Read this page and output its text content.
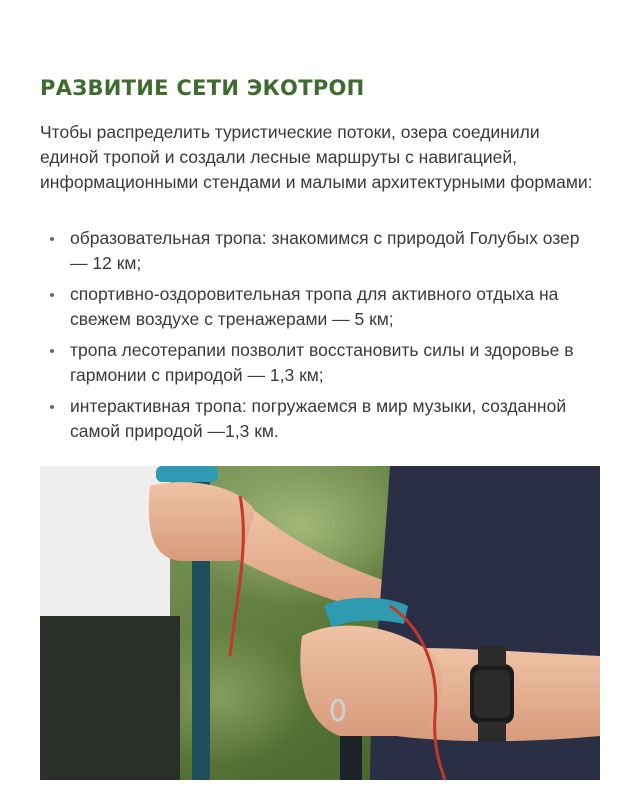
РАЗВИТИЕ СЕТИ ЭКОТРОП

Чтобы распределить туристические потоки, озера соединили единой тропой и создали лесные маршруты с навигацией, информационными стендами и малыми архитектурными формами:

образовательная тропа: знакомимся с природой Голубых озер — 12 км;
спортивно-оздоровительная тропа для активного отдыха на свежем воздухе с тренажерами — 5 км;
тропа лесотерапии позволит восстановить силы и здоровье в гармонии с природой — 1,3 км;
интерактивная тропа: погружаемся в мир музыки, созданной самой природой —1,3 км.
